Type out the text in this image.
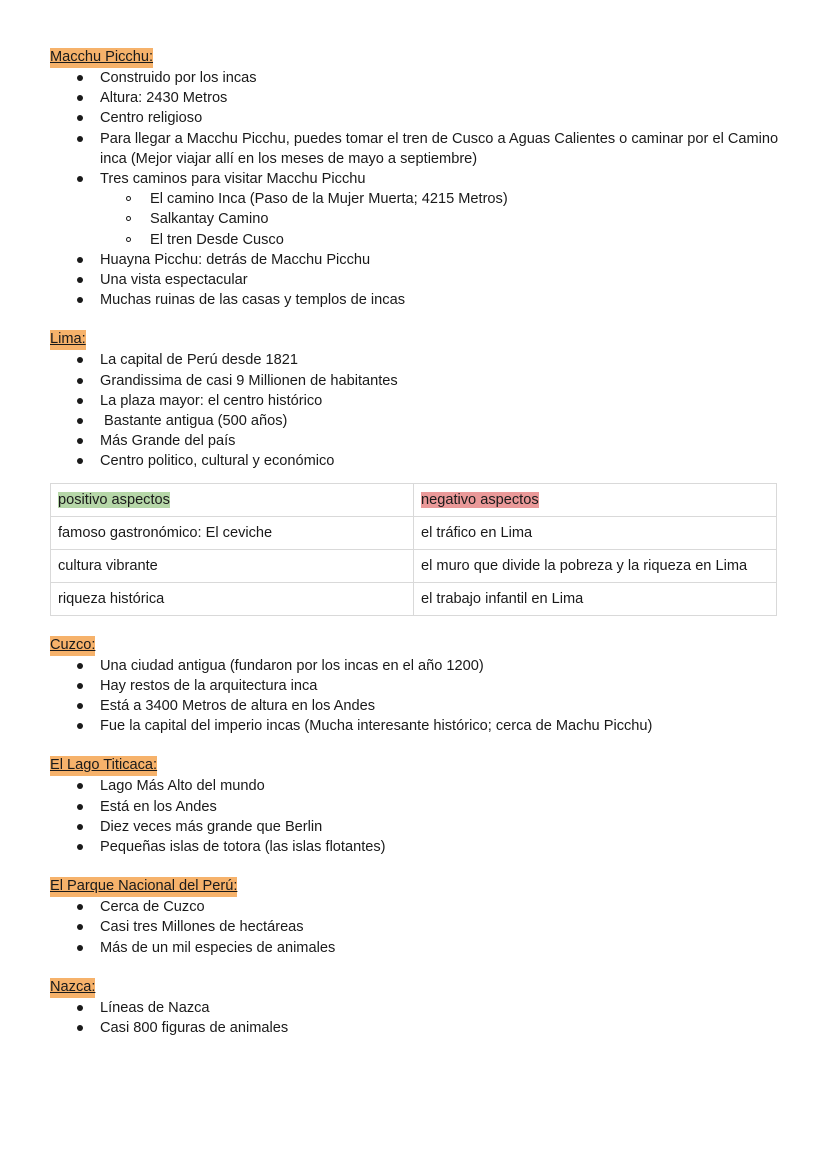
Macchu Picchu:
Construido por los incas
Altura: 2430 Metros
Centro religioso
Para llegar a Macchu Picchu, puedes tomar el tren de Cusco a Aguas Calientes o caminar por el Camino inca (Mejor viajar allí en los meses de mayo a septiembre)
Tres caminos para visitar Macchu Picchu
El camino Inca (Paso de la Mujer Muerta; 4215 Metros)
Salkantay Camino
El tren Desde Cusco
Huayna Picchu: detrás de Macchu Picchu
Una vista espectacular
Muchas ruinas de las casas y templos de incas
Lima:
La capital de Perú desde 1821
Grandissima de casi 9 Millionen de habitantes
La plaza mayor: el centro histórico
Bastante antigua (500 años)
Más Grande del país
Centro politico, cultural y económico
positivo aspectos	negativo aspectos
famoso gastronómico: El ceviche	el tráfico en Lima
cultura vibrante	el muro que divide la pobreza y la riqueza en Lima
riqueza histórica	el trabajo infantil en Lima
Cuzco:
Una ciudad antigua (fundaron por los incas en el año 1200)
Hay restos de la arquitectura inca
Está a 3400 Metros de altura en los Andes
Fue la capital del imperio incas (Mucha interesante histórico; cerca de Machu Picchu)
El Lago Titicaca:
Lago Más Alto del mundo
Está en los Andes
Diez veces más grande que Berlin
Pequeñas islas de totora (las islas flotantes)
El Parque Nacional del Perú:
Cerca de Cuzco
Casi tres Millones de hectáreas
Más de un mil especies de animales
Nazca:
Líneas de Nazca
Casi 800 figuras de animales
